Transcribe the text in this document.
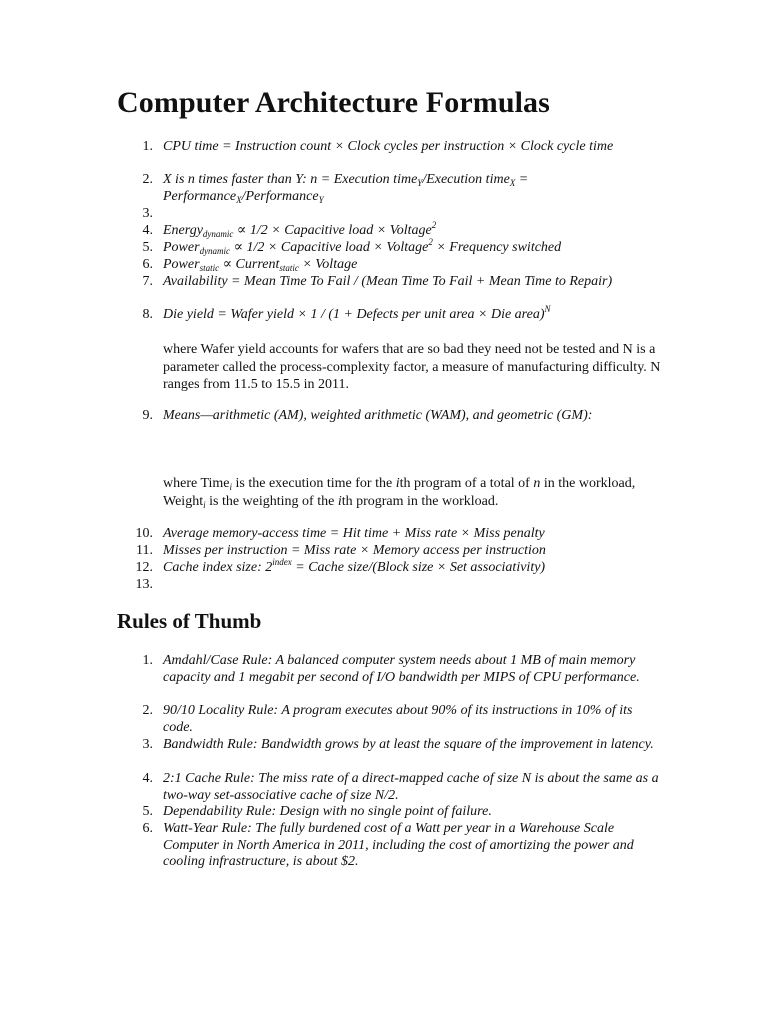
Computer Architecture Formulas
1. CPU time = Instruction count × Clock cycles per instruction × Clock cycle time
2. X is n times faster than Y: n = Execution time$_Y$/Execution time$_X$ =
Performance$_X$/Performance$_Y$
3.
4. Energy$_{dynamic}$ ∝ 1/2 × Capacitive load × Voltage$^2$
5. Power$_{dynamic}$ ∝ 1/2 × Capacitive load × Voltage$^2$ × Frequency switched
6. Power$_{static}$ ∝ Current$_{static}$ × Voltage
7. Availability = Mean Time To Fail / (Mean Time To Fail + Mean Time to Repair)
8. Die yield = Wafer yield × 1 / (1 + Defects per unit area × Die area)$^N$
where Wafer yield accounts for wafers that are so bad they need not be tested and N is a parameter called the process-complexity factor, a measure of manufacturing difficulty. N ranges from 11.5 to 15.5 in 2011.
9. Means—arithmetic (AM), weighted arithmetic (WAM), and geometric (GM):
where Time$_i$ is the execution time for the ith program of a total of n in the workload, Weight$_i$ is the weighting of the ith program in the workload.
10. Average memory-access time = Hit time + Miss rate × Miss penalty
11. Misses per instruction = Miss rate × Memory access per instruction
12. Cache index size: $2^{index}$ = Cache size/(Block size × Set associativity)
13.
Rules of Thumb
1. Amdahl/Case Rule: A balanced computer system needs about 1 MB of main memory capacity and 1 megabit per second of I/O bandwidth per MIPS of CPU performance.
2. 90/10 Locality Rule: A program executes about 90% of its instructions in 10% of its code.
3. Bandwidth Rule: Bandwidth grows by at least the square of the improvement in latency.
4. 2:1 Cache Rule: The miss rate of a direct-mapped cache of size N is about the same as a two-way set-associative cache of size N/2.
5. Dependability Rule: Design with no single point of failure.
6. Watt-Year Rule: The fully burdened cost of a Watt per year in a Warehouse Scale Computer in North America in 2011, including the cost of amortizing the power and cooling infrastructure, is about $2.
